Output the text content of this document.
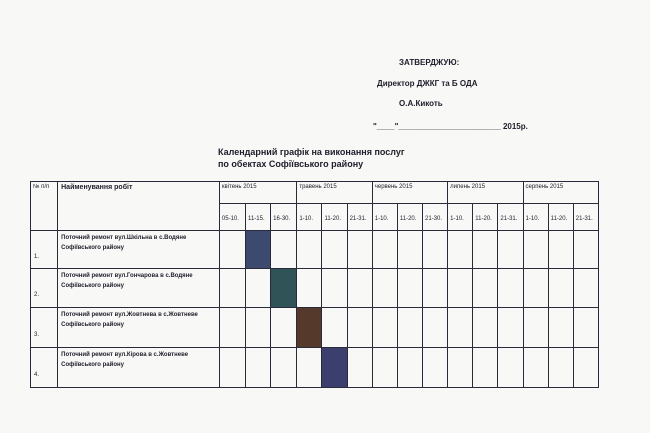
ЗАТВЕРДЖУЮ:
Директор ДЖКГ та Б ОДА
О.А.Кикоть
"____"_______________________ 2015р.
Календарний графік на виконання послуг
по обектах Софіївського району
№ п/п	Найменування робіт	квітень 2015			травень 2015			червень 2015			липень 2015			серпень 2015		
		05-10.	11-15.	16-30.	1-10.	11-20.	21-31.	1-10.	11-20.	21-30.	1-10.	11-20.	21-31.	1-10.	11-20.	21-31.
1.	Поточний ремонт вул.Шкільна в с.Водяне Софіївського району															
2.	Поточний ремонт вул.Гончарова в с.Водяне Софіївського району															
3.	Поточний ремонт вул.Жовтнева в с.Жовтневе Софіївського району															
4.	Поточний ремонт вул.Кірова в с.Жовтневе Софіївського району															
